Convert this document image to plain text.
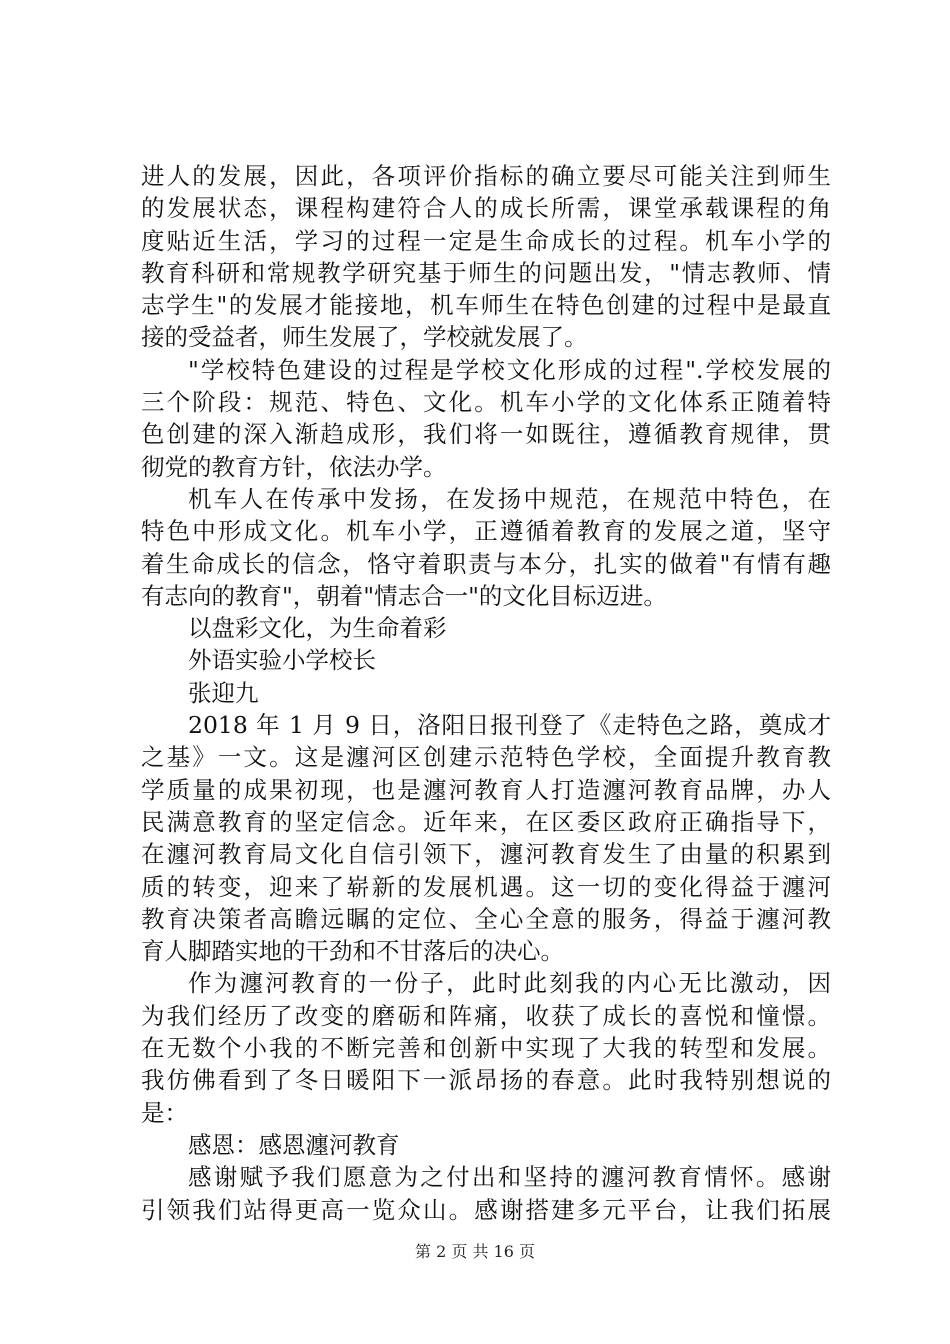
进人的发展，因此，各项评价指标的确立要尽可能关注到师生
的发展状态，课程构建符合人的成长所需，课堂承载课程的角
度贴近生活，学习的过程一定是生命成长的过程。机车小学的
教育科研和常规教学研究基于师生的问题出发，"情志教师、情
志学生"的发展才能接地，机车师生在特色创建的过程中是最直
接的受益者，师生发展了，学校就发展了。
"学校特色建设的过程是学校文化形成的过程".学校发展的
三个阶段：规范、特色、文化。机车小学的文化体系正随着特
色创建的深入渐趋成形，我们将一如既往，遵循教育规律，贯
彻党的教育方针，依法办学。
机车人在传承中发扬，在发扬中规范，在规范中特色，在
特色中形成文化。机车小学，正遵循着教育的发展之道，坚守
着生命成长的信念，恪守着职责与本分，扎实的做着"有情有趣
有志向的教育"，朝着"情志合一"的文化目标迈进。
以盘彩文化，为生命着彩
外语实验小学校长
张迎九
2018 年 1 月 9 日，洛阳日报刊登了《走特色之路，奠成才
之基》一文。这是瀍河区创建示范特色学校，全面提升教育教
学质量的成果初现，也是瀍河教育人打造瀍河教育品牌，办人
民满意教育的坚定信念。近年来，在区委区政府正确指导下，
在瀍河教育局文化自信引领下，瀍河教育发生了由量的积累到
质的转变，迎来了崭新的发展机遇。这一切的变化得益于瀍河
教育决策者高瞻远瞩的定位、全心全意的服务，得益于瀍河教
育人脚踏实地的干劲和不甘落后的决心。
作为瀍河教育的一份子，此时此刻我的内心无比激动，因
为我们经历了改变的磨砺和阵痛，收获了成长的喜悦和憧憬。
在无数个小我的不断完善和创新中实现了大我的转型和发展。
我仿佛看到了冬日暖阳下一派昂扬的春意。此时我特别想说的
是：
感恩：感恩瀍河教育
感谢赋予我们愿意为之付出和坚持的瀍河教育情怀。感谢
引领我们站得更高一览众山。感谢搭建多元平台，让我们拓展
第 2 页 共 16 页
